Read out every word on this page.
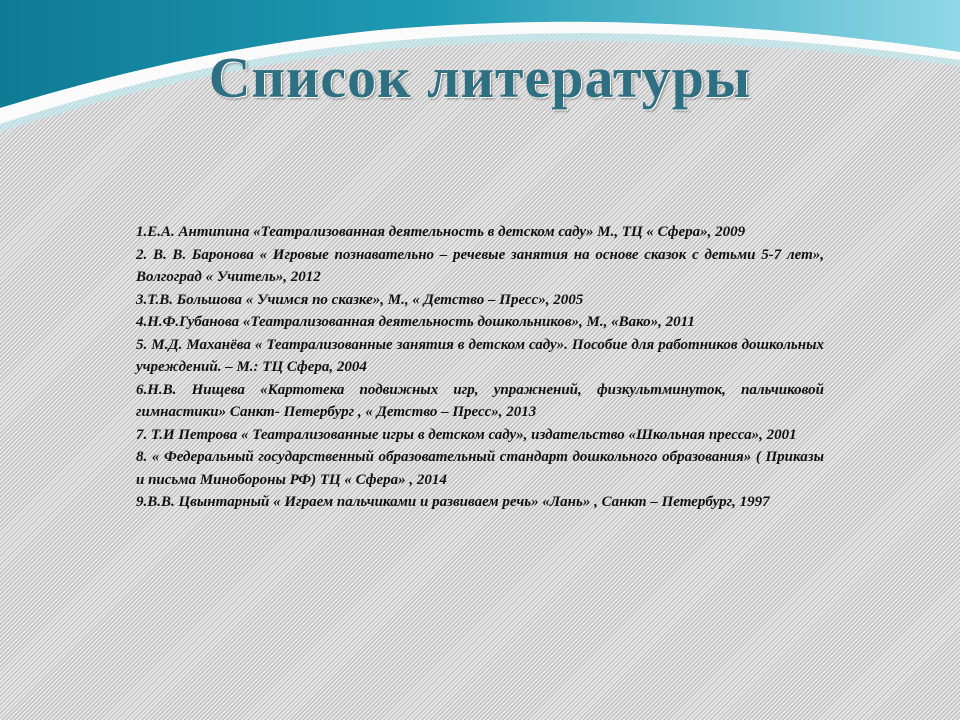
Список литературы
1.Е.А. Антипина «Театрализованная деятельность в детском саду» М., ТЦ « Сфера», 2009
2. В. В. Баронова « Игровые познавательно – речевые занятия на основе сказок с детьми 5-7 лет», Волгоград « Учитель», 2012
3.Т.В. Большова « Учимся по сказке», М., « Детство – Пресс», 2005
4.Н.Ф.Губанова «Театрализованная деятельность дошкольников», М., «Вако», 2011
5. М.Д. Маханёва « Театрализованные занятия в детском саду». Пособие для работников дошкольных учреждений. – М.: ТЦ Сфера, 2004
6.Н.В. Нищева «Картотека подвижных игр, упражнений, физкультминуток, пальчиковой гимнастики» Санкт- Петербург , « Детство – Пресс», 2013
7. Т.И Петрова « Театрализованные игры в детском саду», издательство «Школьная пресса», 2001
8. « Федеральный государственный образовательный стандарт дошкольного образования» ( Приказы и письма Минобороны РФ) ТЦ « Сфера» , 2014
9.В.В. Цвынтарный « Играем пальчиками и развиваем речь» «Лань» , Санкт – Петербург, 1997
